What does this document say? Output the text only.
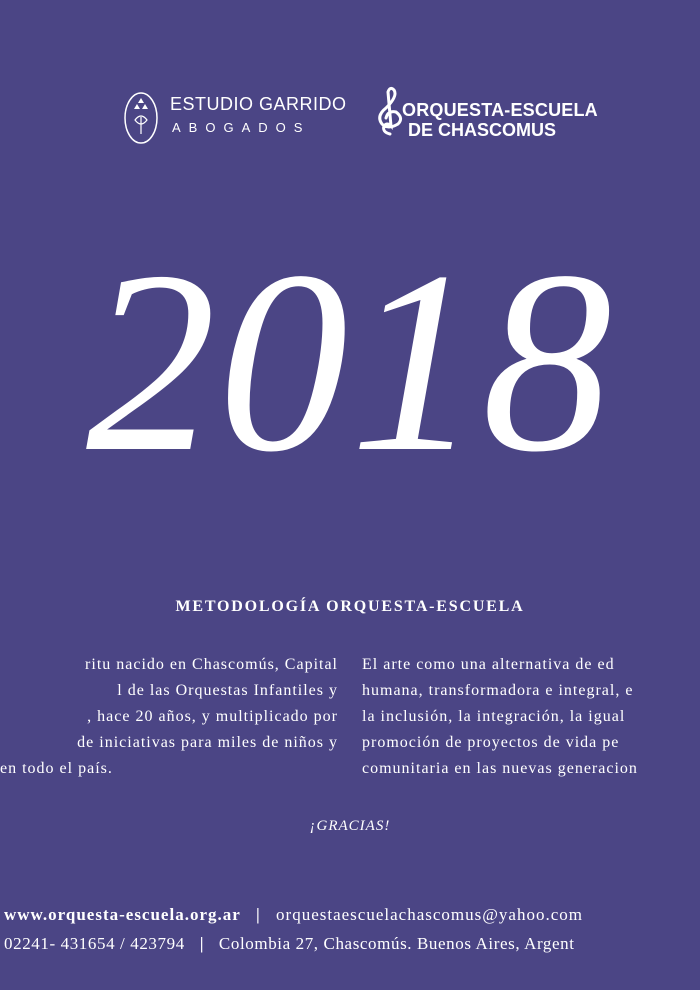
ESTUDIO GARRIDO
ABOGADOS
ORQUESTA-ESCUELA
DE CHASCOMUS
2018
METODOLOGÍA ORQUESTA-ESCUELA
ritu nacido en Chascomús, Capital
l de las Orquestas Infantiles y
, hace 20 años, y multiplicado por
de iniciativas para miles de niños y
en todo el país.
El arte como una alternativa de ed
humana, transformadora e integral, e
la inclusión, la integración, la igual
promoción de proyectos de vida pe
comunitaria en las nuevas generacion
¡GRACIAS!
www.orquesta-escuela.org.ar | orquestaescuelachascomus@yahoo.com
02241- 431654 / 423794 | Colombia 27, Chascomús. Buenos Aires, Argent
